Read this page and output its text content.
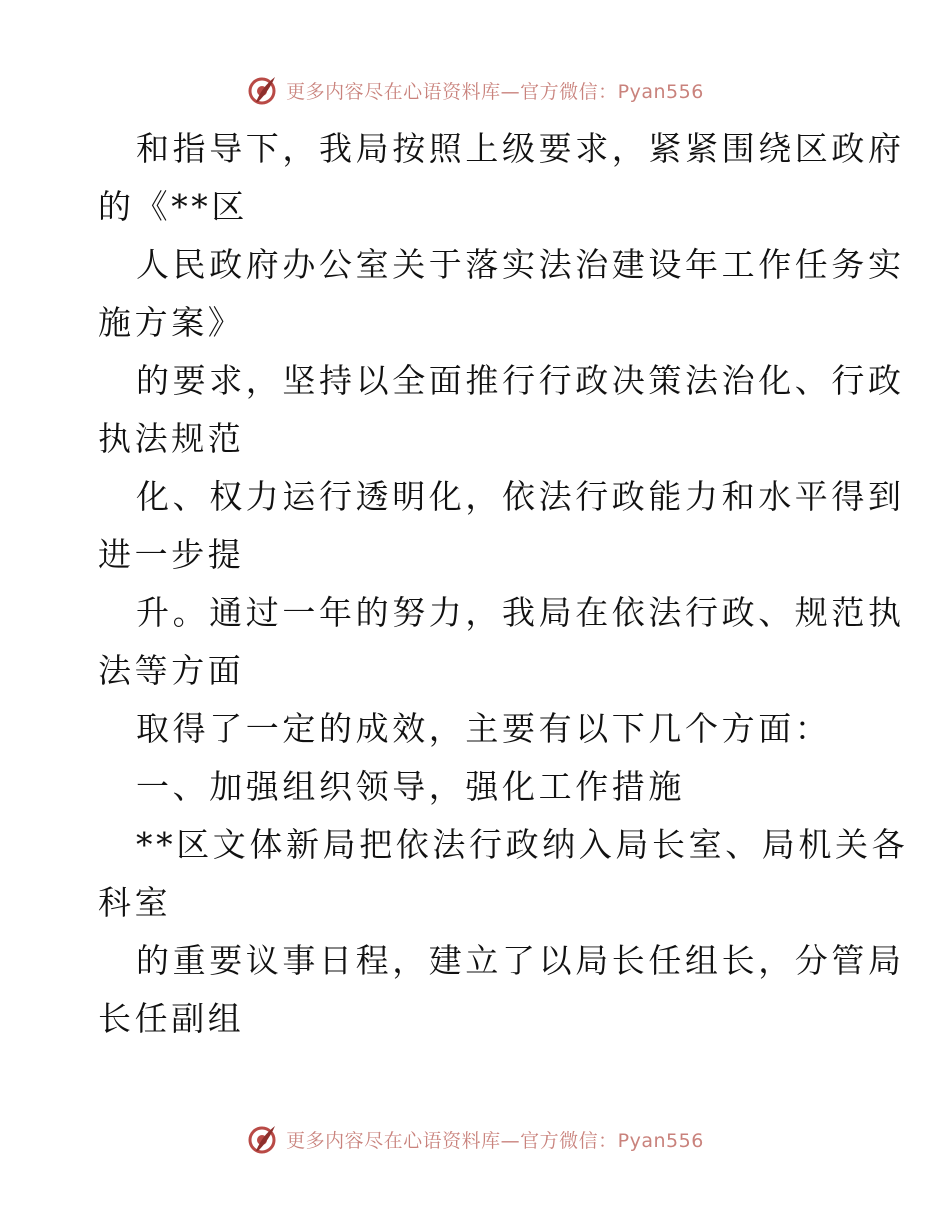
更多内容尽在心语资料库—官方微信：Pyan556
和指导下，我局按照上级要求，紧紧围绕区政府
的《**区
人民政府办公室关于落实法治建设年工作任务实
施方案》
的要求，坚持以全面推行行政决策法治化、行政
执法规范
化、权力运行透明化，依法行政能力和水平得到
进一步提
升。通过一年的努力，我局在依法行政、规范执
法等方面
取得了一定的成效，主要有以下几个方面：
一、加强组织领导，强化工作措施
**区文体新局把依法行政纳入局长室、局机关各
科室
的重要议事日程，建立了以局长任组长，分管局
长任副组
更多内容尽在心语资料库—官方微信：Pyan556
